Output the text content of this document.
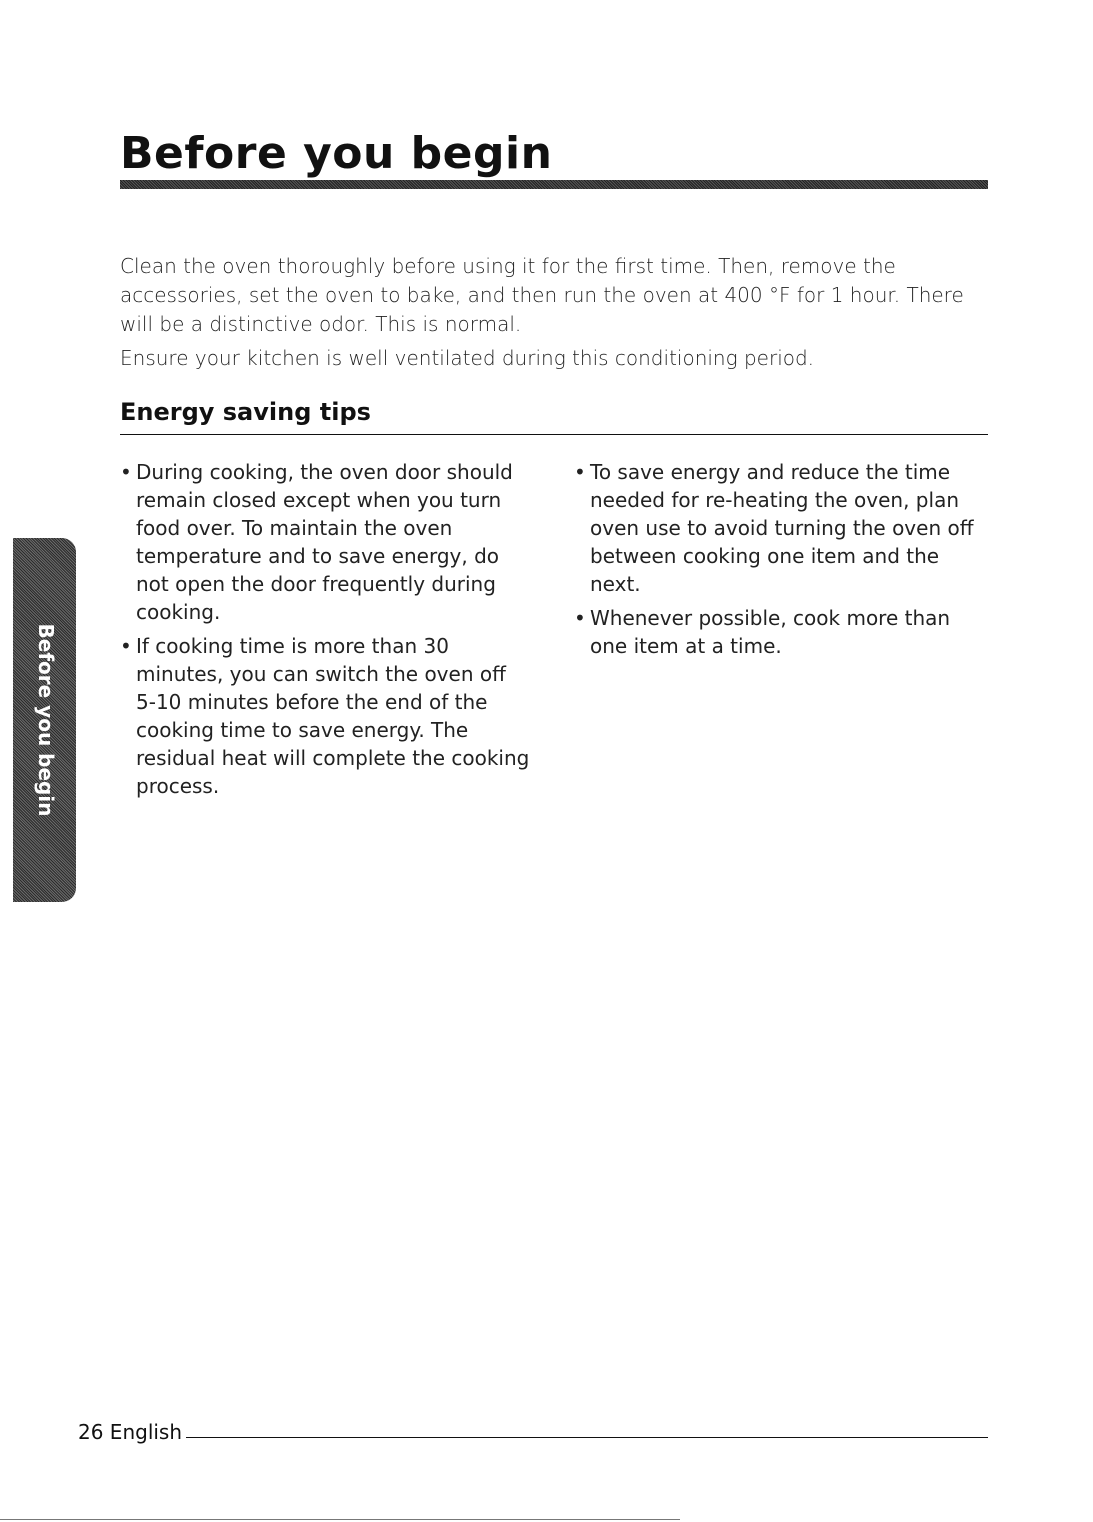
Before you begin

Clean the oven thoroughly before using it for the first time. Then, remove the accessories, set the oven to bake, and then run the oven at 400 °F for 1 hour. There will be a distinctive odor. This is normal.

Ensure your kitchen is well ventilated during this conditioning period.

Energy saving tips
• During cooking, the oven door should remain closed except when you turn food over. To maintain the oven temperature and to save energy, do not open the door frequently during cooking.
• If cooking time is more than 30 minutes, you can switch the oven off 5-10 minutes before the end of the cooking time to save energy. The residual heat will complete the cooking process.
• To save energy and reduce the time needed for re-heating the oven, plan oven use to avoid turning the oven off between cooking one item and the next.
• Whenever possible, cook more than one item at a time.
Before you begin
26 English
